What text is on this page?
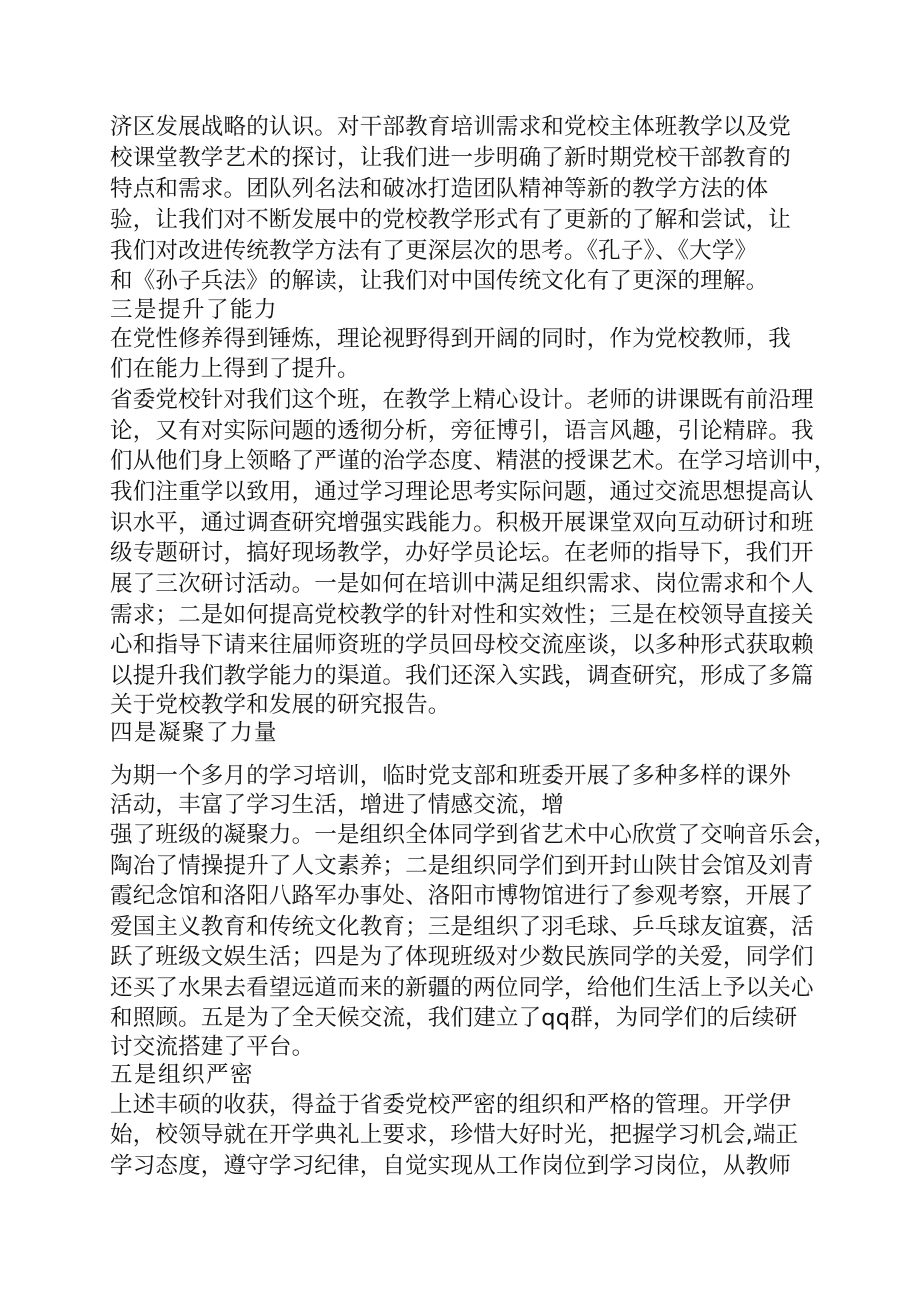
济区发展战略的认识。对干部教育培训需求和党校主体班教学以及党
校课堂教学艺术的探讨，让我们进一步明确了新时期党校干部教育的
特点和需求。团队列名法和破冰打造团队精神等新的教学方法的体
验，让我们对不断发展中的党校教学形式有了更新的了解和尝试，让
我们对改进传统教学方法有了更深层次的思考。《孔子》、《大学》
和《孙子兵法》的解读，让我们对中国传统文化有了更深的理解。
三是提升了能力
在党性修养得到锤炼，理论视野得到开阔的同时，作为党校教师，我
们在能力上得到了提升。
省委党校针对我们这个班，在教学上精心设计。老师的讲课既有前沿理
论，又有对实际问题的透彻分析，旁征博引，语言风趣，引论精辟。我
们从他们身上领略了严谨的治学态度、精湛的授课艺术。在学习培训中，
我们注重学以致用，通过学习理论思考实际问题，通过交流思想提高认
识水平，通过调查研究增强实践能力。积极开展课堂双向互动研讨和班
级专题研讨，搞好现场教学，办好学员论坛。在老师的指导下，我们开
展了三次研讨活动。一是如何在培训中满足组织需求、岗位需求和个人
需求；二是如何提高党校教学的针对性和实效性；三是在校领导直接关
心和指导下请来往届师资班的学员回母校交流座谈，以多种形式获取赖
以提升我们教学能力的渠道。我们还深入实践，调查研究，形成了多篇
关于党校教学和发展的研究报告。
四是凝聚了力量
为期一个多月的学习培训，临时党支部和班委开展了多种多样的课外
活动，丰富了学习生活，增进了情感交流，增
强了班级的凝聚力。一是组织全体同学到省艺术中心欣赏了交响音乐会，
陶冶了情操提升了人文素养；二是组织同学们到开封山陕甘会馆及刘青
霞纪念馆和洛阳八路军办事处、洛阳市博物馆进行了参观考察，开展了
爱国主义教育和传统文化教育；三是组织了羽毛球、乒乓球友谊赛，活
跃了班级文娱生活；四是为了体现班级对少数民族同学的关爱，同学们
还买了水果去看望远道而来的新疆的两位同学，给他们生活上予以关心
和照顾。五是为了全天候交流，我们建立了qq群，为同学们的后续研
讨交流搭建了平台。
五是组织严密
上述丰硕的收获，得益于省委党校严密的组织和严格的管理。开学伊
始，校领导就在开学典礼上要求，珍惜大好时光，把握学习机会,端正
学习态度，遵守学习纪律，自觉实现从工作岗位到学习岗位，从教师
